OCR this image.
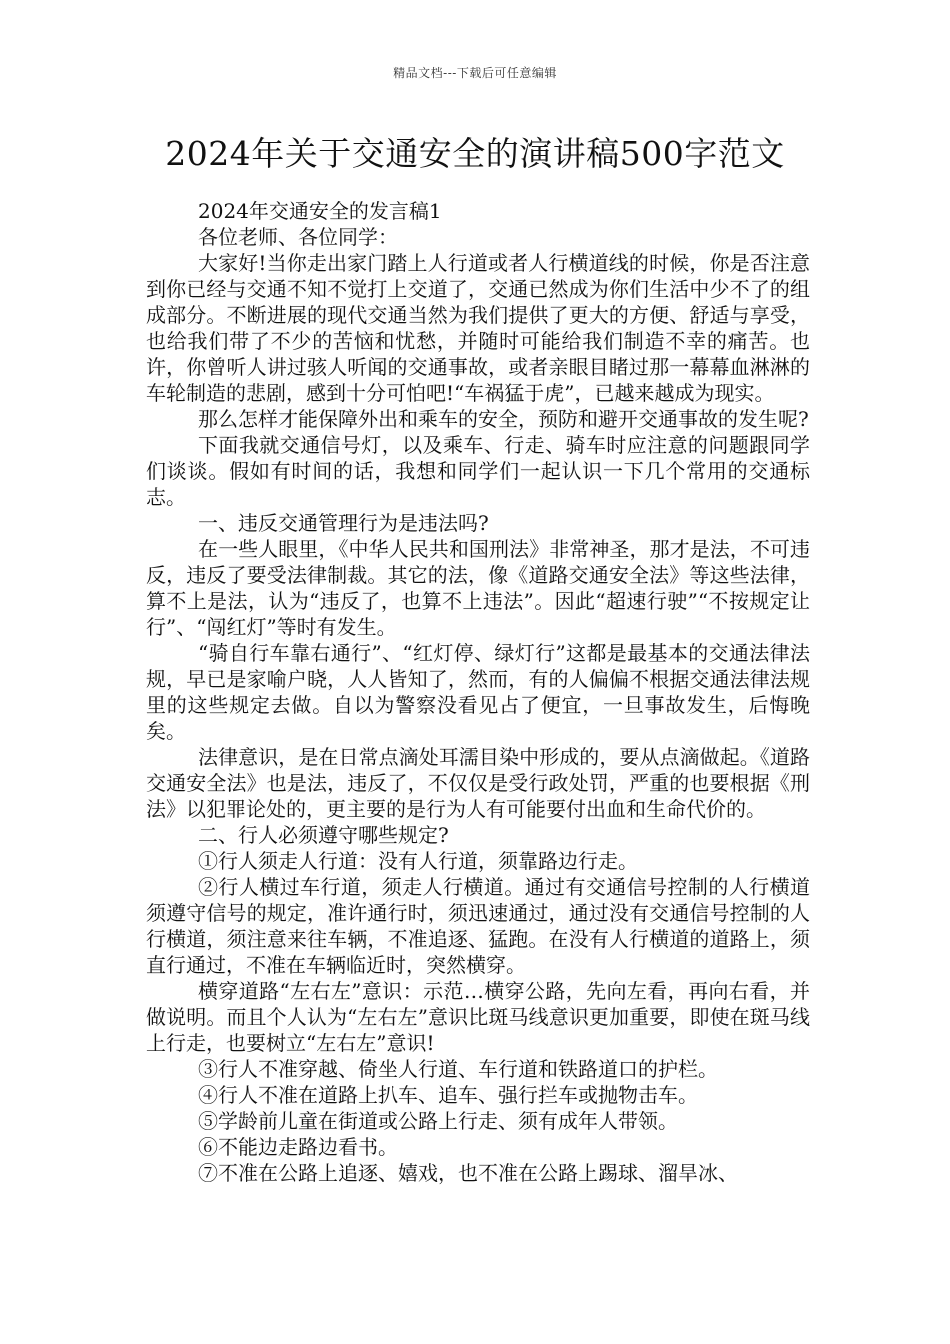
精品文档---下载后可任意编辑
2024年关于交通安全的演讲稿500字范文

2024年交通安全的发言稿1

各位老师、各位同学：

大家好!当你走出家门踏上人行道或者人行横道线的时候，你是否注意到你已经与交通不知不觉打上交道了，交通已然成为你们生活中少不了的组成部分。不断进展的现代交通当然为我们提供了更大的方便、舒适与享受，也给我们带了不少的苦恼和忧愁，并随时可能给我们制造不幸的痛苦。也许，你曾听人讲过骇人听闻的交通事故，或者亲眼目睹过那一幕幕血淋淋的车轮制造的悲剧，感到十分可怕吧!“车祸猛于虎”，已越来越成为现实。

那么怎样才能保障外出和乘车的安全，预防和避开交通事故的发生呢?

下面我就交通信号灯，以及乘车、行走、骑车时应注意的问题跟同学们谈谈。假如有时间的话，我想和同学们一起认识一下几个常用的交通标志。

一、违反交通管理行为是违法吗?

在一些人眼里，《中华人民共和国刑法》非常神圣，那才是法，不可违反，违反了要受法律制裁。其它的法，像《道路交通安全法》等这些法律，算不上是法，认为“违反了，也算不上违法”。因此“超速行驶”“不按规定让行”、“闯红灯”等时有发生。

“骑自行车靠右通行”、“红灯停、绿灯行”这都是最基本的交通法律法规，早已是家喻户晓，人人皆知了，然而，有的人偏偏不根据交通法律法规里的这些规定去做。自以为警察没看见占了便宜，一旦事故发生，后悔晚矣。

法律意识，是在日常点滴处耳濡目染中形成的，要从点滴做起。《道路交通安全法》也是法，违反了，不仅仅是受行政处罚，严重的也要根据《刑法》以犯罪论处的，更主要的是行为人有可能要付出血和生命代价的。

二、行人必须遵守哪些规定?

①行人须走人行道：没有人行道，须靠路边行走。

②行人横过车行道，须走人行横道。通过有交通信号控制的人行横道须遵守信号的规定，准许通行时，须迅速通过，通过没有交通信号控制的人行横道，须注意来往车辆，不准追逐、猛跑。在没有人行横道的道路上，须直行通过，不准在车辆临近时，突然横穿。

横穿道路“左右左”意识：示范…横穿公路，先向左看，再向右看，并做说明。而且个人认为“左右左”意识比斑马线意识更加重要，即使在斑马线上行走，也要树立“左右左”意识!

③行人不准穿越、倚坐人行道、车行道和铁路道口的护栏。

④行人不准在道路上扒车、追车、强行拦车或抛物击车。

⑤学龄前儿童在街道或公路上行走、须有成年人带领。

⑥不能边走路边看书。

⑦不准在公路上追逐、嬉戏，也不准在公路上踢球、溜旱冰、
